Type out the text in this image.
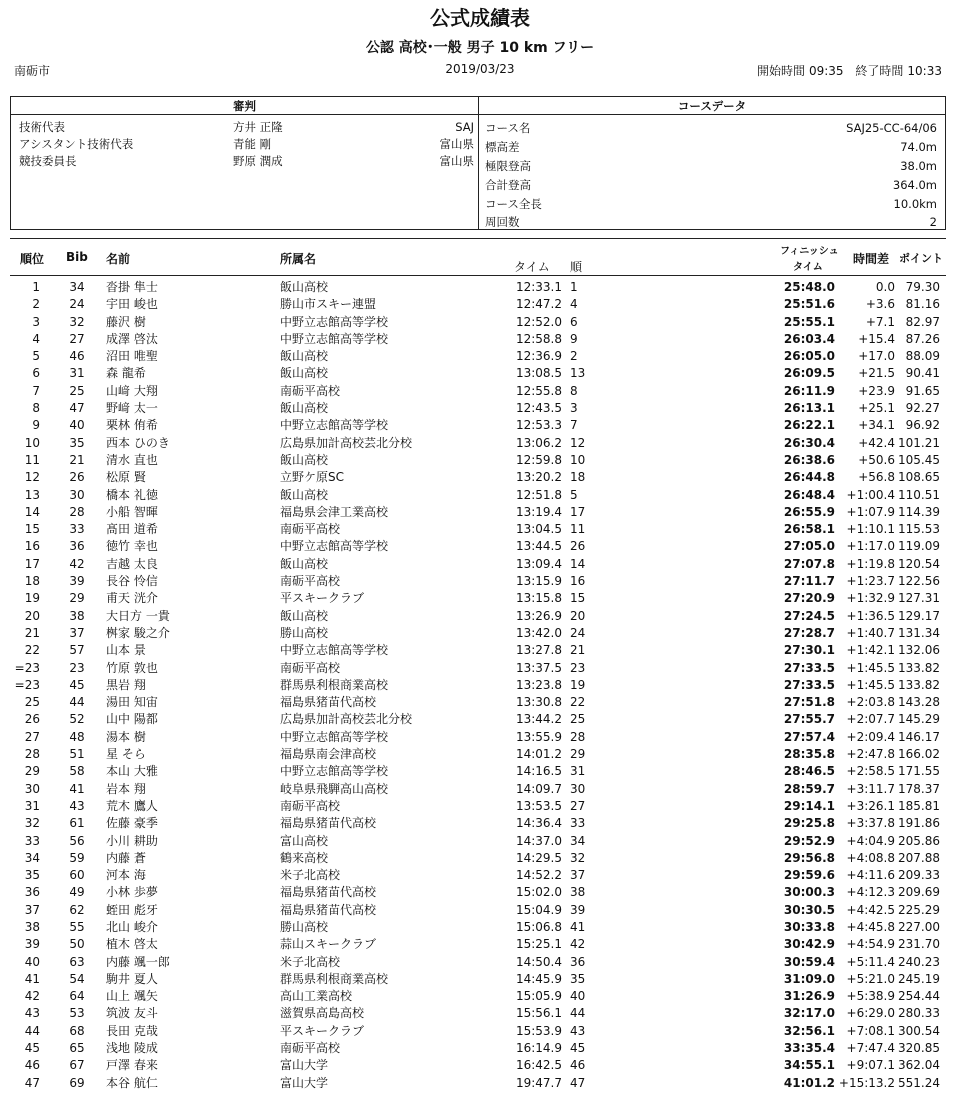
公式成績表
公認 高校･一般 男子 10 km フリー
南砺市	2019/03/23	開始時間 09:35 終了時間 10:33
審判	コースデータ
技術代表	方井 正隆	SAJ
アシスタント技術代表	青能 剛	富山県
競技委員長	野原 潤成	富山県
コース名	SAJ25-CC-64/06
標高差	74.0m
極限登高	38.0m
合計登高	364.0m
コース全長	10.0km
周回数	2
順位 Bib 名前	所属名
タイム 順
フィニッシュ
タイム
時間差 ポイント
1 34 沓掛 隼士	飯山高校	12:33.1 1	25:48.0	0.0 79.30
2 24 宇田 峻也	勝山市スキー連盟	12:47.2 4	25:51.6	+3.6 81.16
3 32 藤沢 樹	中野立志館高等学校	12:52.0 6	25:55.1	+7.1 82.97
4 27 成澤 啓汰	中野立志館高等学校	12:58.8 9	26:03.4	+15.4 87.26
5 46 沼田 唯聖	飯山高校	12:36.9 2	26:05.0	+17.0 88.09
6 31 森 龍希	飯山高校	13:08.5 13	26:09.5	+21.5 90.41
7 25 山﨑 大翔	南砺平高校	12:55.8 8	26:11.9	+23.9 91.65
8 47 野﨑 太一	飯山高校	12:43.5 3	26:13.1	+25.1 92.27
9 40 栗林 侑希	中野立志館高等学校	12:53.3 7	26:22.1	+34.1 96.92
10 35 西本 ひのき	広島県加計高校芸北分校	13:06.2 12	26:30.4	+42.4 101.21
11 21 清水 直也	飯山高校	12:59.8 10	26:38.6	+50.6 105.45
12 26 松原 賢	立野ケ原SC	13:20.2 18	26:44.8	+56.8 108.65
13 30 橋本 礼徳	飯山高校	12:51.8 5	26:48.4 +1:00.4 110.51
14 28 小船 智暉	福島県会津工業高校	13:19.4 17	26:55.9 +1:07.9 114.39
15 33 髙田 道希	南砺平高校	13:04.5 11	26:58.1 +1:10.1 115.53
16 36 徳竹 幸也	中野立志館高等学校	13:44.5 26	27:05.0 +1:17.0 119.09
17 42 吉越 太良	飯山高校	13:09.4 14	27:07.8 +1:19.8 120.54
18 39 長谷 怜信	南砺平高校	13:15.9 16	27:11.7 +1:23.7 122.56
19 29 甫天 洸介	平スキークラブ	13:15.8 15	27:20.9 +1:32.9 127.31
20 38 大日方 一貴	飯山高校	13:26.9 20	27:24.5 +1:36.5 129.17
21 37 桝家 駿之介	勝山高校	13:42.0 24	27:28.7 +1:40.7 131.34
22 57 山本 景	中野立志館高等学校	13:27.8 21	27:30.1 +1:42.1 132.06
=23 23 竹原 敦也	南砺平高校	13:37.5 23	27:33.5 +1:45.5 133.82
=23 45 黒岩 翔	群馬県利根商業高校	13:23.8 19	27:33.5 +1:45.5 133.82
25 44 湯田 知宙	福島県猪苗代高校	13:30.8 22	27:51.8 +2:03.8 143.28
26 52 山中 陽都	広島県加計高校芸北分校	13:44.2 25	27:55.7 +2:07.7 145.29
27 48 湯本 樹	中野立志館高等学校	13:55.9 28	27:57.4 +2:09.4 146.17
28 51 星 そら	福島県南会津高校	14:01.2 29	28:35.8 +2:47.8 166.02
29 58 本山 大雅	中野立志館高等学校	14:16.5 31	28:46.5 +2:58.5 171.55
30 41 岩本 翔	岐阜県飛騨高山高校	14:09.7 30	28:59.7 +3:11.7 178.37
31 43 荒木 鷹人	南砺平高校	13:53.5 27	29:14.1 +3:26.1 185.81
32 61 佐藤 豪季	福島県猪苗代高校	14:36.4 33	29:25.8 +3:37.8 191.86
33 56 小川 耕助	富山高校	14:37.0 34	29:52.9 +4:04.9 205.86
34 59 内藤 蒼	鶴来高校	14:29.5 32	29:56.8 +4:08.8 207.88
35 60 河本 海	米子北高校	14:52.2 37	29:59.6 +4:11.6 209.33
36 49 小林 歩夢	福島県猪苗代高校	15:02.0 38	30:00.3 +4:12.3 209.69
37 62 蛭田 彪牙	福島県猪苗代高校	15:04.9 39	30:30.5 +4:42.5 225.29
38 55 北山 峻介	勝山高校	15:06.8 41	30:33.8 +4:45.8 227.00
39 50 植木 啓太	蒜山スキークラブ	15:25.1 42	30:42.9 +4:54.9 231.70
40 63 内藤 颯一郎	米子北高校	14:50.4 36	30:59.4 +5:11.4 240.23
41 54 駒井 夏人	群馬県利根商業高校	14:45.9 35	31:09.0 +5:21.0 245.19
42 64 山上 颯矢	高山工業高校	15:05.9 40	31:26.9 +5:38.9 254.44
43 53 筑波 友斗	滋賀県高島高校	15:56.1 44	32:17.0 +6:29.0 280.33
44 68 長田 克哉	平スキークラブ	15:53.9 43	32:56.1 +7:08.1 300.54
45 65 浅地 陵成	南砺平高校	16:14.9 45	33:35.4 +7:47.4 320.85
46 67 戸澤 春来	富山大学	16:42.5 46	34:55.1 +9:07.1 362.04
47 69 本谷 航仁	富山大学	19:47.7 47	41:01.2 +15:13.2 551.24
